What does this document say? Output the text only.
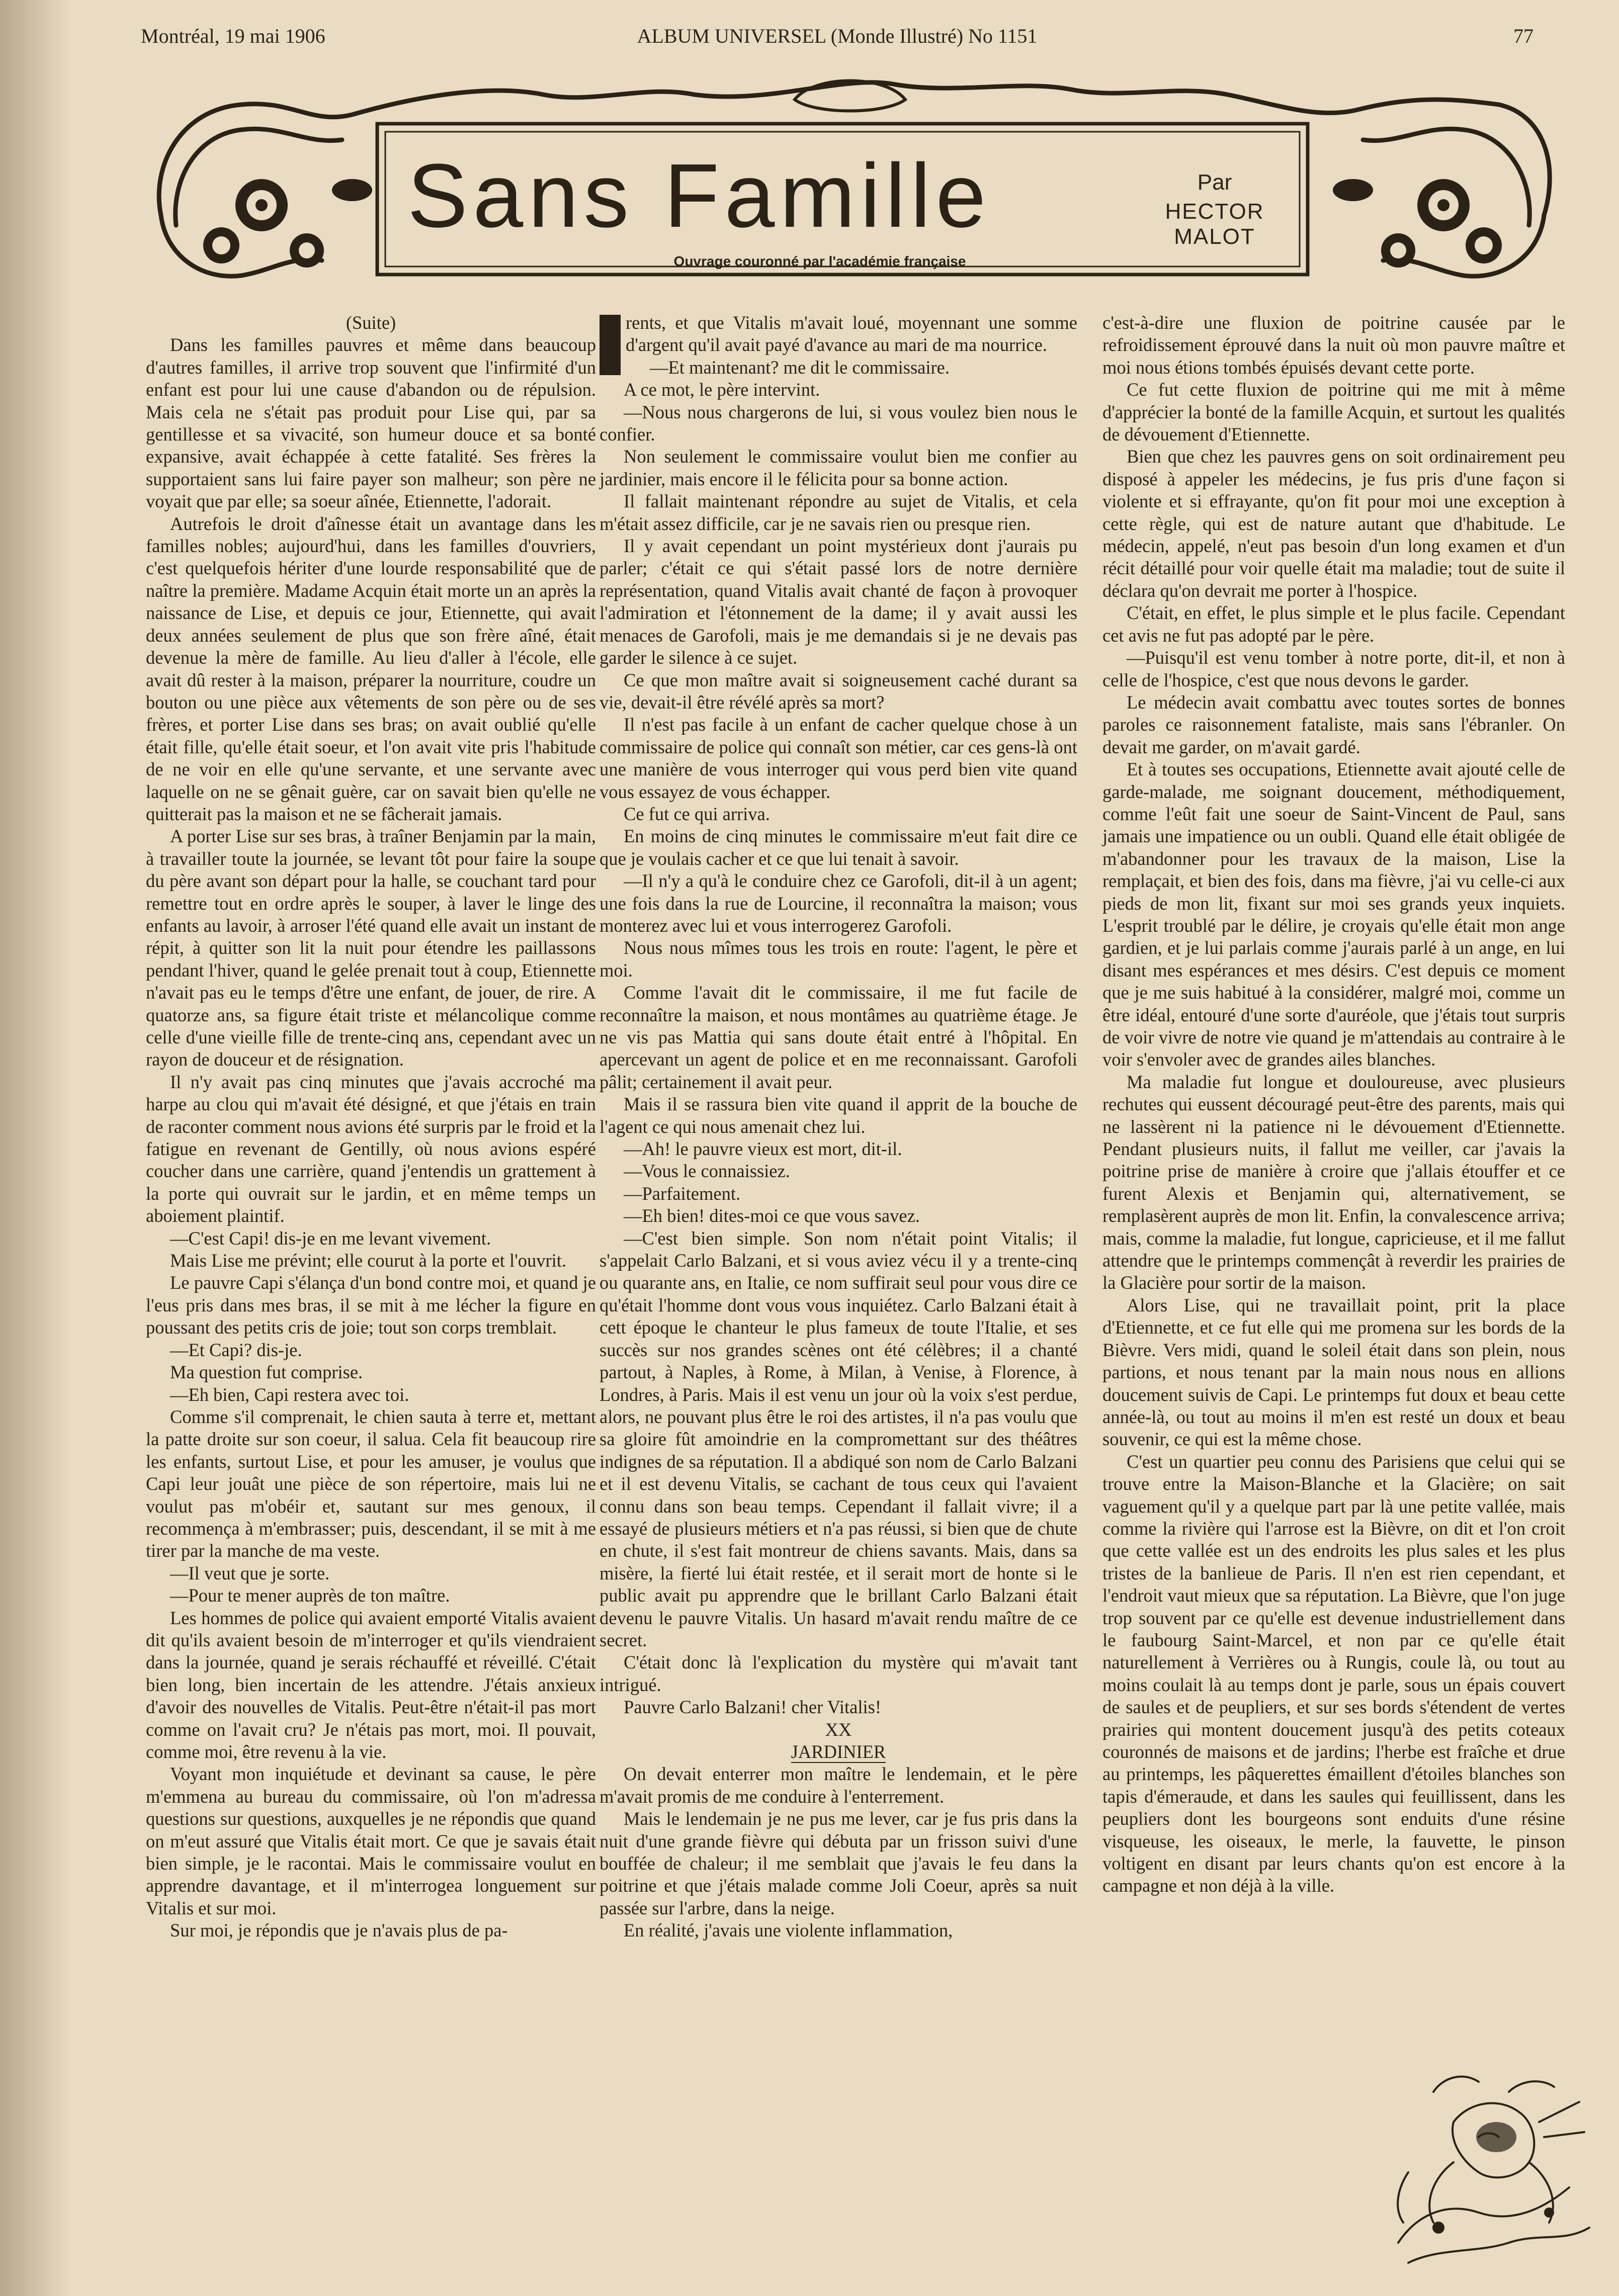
Montréal, 19 mai 1906	ALBUM UNIVERSEL (Monde Illustré) No 1151	77
Sans Famille	Par
HECTOR MALOT
Ouvrage couronné par l'académie française

(Suite)

Dans les familles pauvres et même dans beaucoup d'autres familles, il arrive trop souvent que l'infirmité d'un enfant est pour lui une cause d'abandon ou de répulsion. Mais cela ne s'était pas produit pour Lise qui, par sa gentillesse et sa vivacité, son humeur douce et sa bonté expansive, avait échappée à cette fatalité. Ses frères la supportaient sans lui faire payer son malheur; son père ne voyait que par elle; sa soeur aînée, Etiennette, l'adorait.

Autrefois le droit d'aînesse était un avantage dans les familles nobles; aujourd'hui, dans les familles d'ouvriers, c'est quelquefois hériter d'une lourde responsabilité que de naître la première. Madame Acquin était morte un an après la naissance de Lise, et depuis ce jour, Etiennette, qui avait deux années seulement de plus que son frère aîné, était devenue la mère de famille. Au lieu d'aller à l'école, elle avait dû rester à la maison, préparer la nourriture, coudre un bouton ou une pièce aux vêtements de son père ou de ses frères, et porter Lise dans ses bras; on avait oublié qu'elle était fille, qu'elle était soeur, et l'on avait vite pris l'habitude de ne voir en elle qu'une servante, et une servante avec laquelle on ne se gênait guère, car on savait bien qu'elle ne quitterait pas la maison et ne se fâcherait jamais.

A porter Lise sur ses bras, à traîner Benjamin par la main, à travailler toute la journée, se levant tôt pour faire la soupe du père avant son départ pour la halle, se couchant tard pour remettre tout en ordre après le souper, à laver le linge des enfants au lavoir, à arroser l'été quand elle avait un instant de répit, à quitter son lit la nuit pour étendre les paillassons pendant l'hiver, quand le gelée prenait tout à coup, Etiennette n'avait pas eu le temps d'être une enfant, de jouer, de rire. A quatorze ans, sa figure était triste et mélancolique comme celle d'une vieille fille de trente-cinq ans, cependant avec un rayon de douceur et de résignation.

Il n'y avait pas cinq minutes que j'avais accroché ma harpe au clou qui m'avait été désigné, et que j'étais en train de raconter comment nous avions été surpris par le froid et la fatigue en revenant de Gentilly, où nous avions espéré coucher dans une carrière, quand j'entendis un grattement à la porte qui ouvrait sur le jardin, et en même temps un aboiement plaintif.

—C'est Capi! dis-je en me levant vivement.

Mais Lise me prévint; elle courut à la porte et l'ouvrit.

Le pauvre Capi s'élança d'un bond contre moi, et quand je l'eus pris dans mes bras, il se mit à me lécher la figure en poussant des petits cris de joie; tout son corps tremblait.

—Et Capi? dis-je.

Ma question fut comprise.

—Eh bien, Capi restera avec toi.

Comme s'il comprenait, le chien sauta à terre et, mettant la patte droite sur son coeur, il salua. Cela fit beaucoup rire les enfants, surtout Lise, et pour les amuser, je voulus que Capi leur jouât une pièce de son répertoire, mais lui ne voulut pas m'obéir et, sautant sur mes genoux, il recommença à m'embrasser; puis, descendant, il se mit à me tirer par la manche de ma veste.

—Il veut que je sorte.

—Pour te mener auprès de ton maître.

Les hommes de police qui avaient emporté Vitalis avaient dit qu'ils avaient besoin de m'interroger et qu'ils viendraient dans la journée, quand je serais réchauffé et réveillé. C'était bien long, bien incertain de les attendre. J'étais anxieux d'avoir des nouvelles de Vitalis. Peut-être n'était-il pas mort comme on l'avait cru? Je n'étais pas mort, moi. Il pouvait, comme moi, être revenu à la vie.

Voyant mon inquiétude et devinant sa cause, le père m'emmena au bureau du commissaire, où l'on m'adressa questions sur questions, auxquelles je ne répondis que quand on m'eut assuré que Vitalis était mort. Ce que je savais était bien simple, je le racontai. Mais le commissaire voulut en apprendre davantage, et il m'interrogea longuement sur Vitalis et sur moi.

Sur moi, je répondis que je n'avais plus de pa-

rents, et que Vitalis m'avait loué, moyennant une somme d'argent qu'il avait payé d'avance au mari de ma nourrice.

—Et maintenant? me dit le commissaire.

A ce mot, le père intervint.

—Nous nous chargerons de lui, si vous voulez bien nous le confier.

Non seulement le commissaire voulut bien me confier au jardinier, mais encore il le félicita pour sa bonne action.

Il fallait maintenant répondre au sujet de Vitalis, et cela m'était assez difficile, car je ne savais rien ou presque rien.

Il y avait cependant un point mystérieux dont j'aurais pu parler; c'était ce qui s'était passé lors de notre dernière représentation, quand Vitalis avait chanté de façon à provoquer l'admiration et l'étonnement de la dame; il y avait aussi les menaces de Garofoli, mais je me demandais si je ne devais pas garder le silence à ce sujet.

Ce que mon maître avait si soigneusement caché durant sa vie, devait-il être révélé après sa mort?

Il n'est pas facile à un enfant de cacher quelque chose à un commissaire de police qui connaît son métier, car ces gens-là ont une manière de vous interroger qui vous perd bien vite quand vous essayez de vous échapper.

Ce fut ce qui arriva.

En moins de cinq minutes le commissaire m'eut fait dire ce que je voulais cacher et ce que lui tenait à savoir.

—Il n'y a qu'à le conduire chez ce Garofoli, dit-il à un agent; une fois dans la rue de Lourcine, il reconnaîtra la maison; vous monterez avec lui et vous interrogerez Garofoli.

Nous nous mîmes tous les trois en route: l'agent, le père et moi.

Comme l'avait dit le commissaire, il me fut facile de reconnaître la maison, et nous montâmes au quatrième étage. Je ne vis pas Mattia qui sans doute était entré à l'hôpital. En apercevant un agent de police et en me reconnaissant. Garofoli pâlit; certainement il avait peur.

Mais il se rassura bien vite quand il apprit de la bouche de l'agent ce qui nous amenait chez lui.

—Ah! le pauvre vieux est mort, dit-il.

—Vous le connaissiez.

—Parfaitement.

—Eh bien! dites-moi ce que vous savez.

—C'est bien simple. Son nom n'était point Vitalis; il s'appelait Carlo Balzani, et si vous aviez vécu il y a trente-cinq ou quarante ans, en Italie, ce nom suffirait seul pour vous dire ce qu'était l'homme dont vous vous inquiétez. Carlo Balzani était à cett époque le chanteur le plus fameux de toute l'Italie, et ses succès sur nos grandes scènes ont été célèbres; il a chanté partout, à Naples, à Rome, à Milan, à Venise, à Florence, à Londres, à Paris. Mais il est venu un jour où la voix s'est perdue, alors, ne pouvant plus être le roi des artistes, il n'a pas voulu que sa gloire fût amoindrie en la compromettant sur des théâtres indignes de sa réputation. Il a abdiqué son nom de Carlo Balzani et il est devenu Vitalis, se cachant de tous ceux qui l'avaient connu dans son beau temps. Cependant il fallait vivre; il a essayé de plusieurs métiers et n'a pas réussi, si bien que de chute en chute, il s'est fait montreur de chiens savants. Mais, dans sa misère, la fierté lui était restée, et il serait mort de honte si le public avait pu apprendre que le brillant Carlo Balzani était devenu le pauvre Vitalis. Un hasard m'avait rendu maître de ce secret.

C'était donc là l'explication du mystère qui m'avait tant intrigué.

Pauvre Carlo Balzani! cher Vitalis!

XX

JARDINIER

On devait enterrer mon maître le lendemain, et le père m'avait promis de me conduire à l'enterrement.

Mais le lendemain je ne pus me lever, car je fus pris dans la nuit d'une grande fièvre qui débuta par un frisson suivi d'une bouffée de chaleur; il me semblait que j'avais le feu dans la poitrine et que j'étais malade comme Joli Coeur, après sa nuit passée sur l'arbre, dans la neige.

En réalité, j'avais une violente inflammation,

c'est-à-dire une fluxion de poitrine causée par le refroidissement éprouvé dans la nuit où mon pauvre maître et moi nous étions tombés épuisés devant cette porte.

Ce fut cette fluxion de poitrine qui me mit à même d'apprécier la bonté de la famille Acquin, et surtout les qualités de dévouement d'Etiennette.

Bien que chez les pauvres gens on soit ordinairement peu disposé à appeler les médecins, je fus pris d'une façon si violente et si effrayante, qu'on fit pour moi une exception à cette règle, qui est de nature autant que d'habitude. Le médecin, appelé, n'eut pas besoin d'un long examen et d'un récit détaillé pour voir quelle était ma maladie; tout de suite il déclara qu'on devrait me porter à l'hospice.

C'était, en effet, le plus simple et le plus facile. Cependant cet avis ne fut pas adopté par le père.

—Puisqu'il est venu tomber à notre porte, dit-il, et non à celle de l'hospice, c'est que nous devons le garder.

Le médecin avait combattu avec toutes sortes de bonnes paroles ce raisonnement fataliste, mais sans l'ébranler. On devait me garder, on m'avait gardé.

Et à toutes ses occupations, Etiennette avait ajouté celle de garde-malade, me soignant doucement, méthodiquement, comme l'eût fait une soeur de Saint-Vincent de Paul, sans jamais une impatience ou un oubli. Quand elle était obligée de m'abandonner pour les travaux de la maison, Lise la remplaçait, et bien des fois, dans ma fièvre, j'ai vu celle-ci aux pieds de mon lit, fixant sur moi ses grands yeux inquiets. L'esprit troublé par le délire, je croyais qu'elle était mon ange gardien, et je lui parlais comme j'aurais parlé à un ange, en lui disant mes espérances et mes désirs. C'est depuis ce moment que je me suis habitué à la considérer, malgré moi, comme un être idéal, entouré d'une sorte d'auréole, que j'étais tout surpris de voir vivre de notre vie quand je m'attendais au contraire à le voir s'envoler avec de grandes ailes blanches.

Ma maladie fut longue et douloureuse, avec plusieurs rechutes qui eussent découragé peut-être des parents, mais qui ne lassèrent ni la patience ni le dévouement d'Etiennette. Pendant plusieurs nuits, il fallut me veiller, car j'avais la poitrine prise de manière à croire que j'allais étouffer et ce furent Alexis et Benjamin qui, alternativement, se remplasèrent auprès de mon lit. Enfin, la convalescence arriva; mais, comme la maladie, fut longue, capricieuse, et il me fallut attendre que le printemps commençât à reverdir les prairies de la Glacière pour sortir de la maison.

Alors Lise, qui ne travaillait point, prit la place d'Etiennette, et ce fut elle qui me promena sur les bords de la Bièvre. Vers midi, quand le soleil était dans son plein, nous partions, et nous tenant par la main nous nous en allions doucement suivis de Capi. Le printemps fut doux et beau cette année-là, ou tout au moins il m'en est resté un doux et beau souvenir, ce qui est la même chose.

C'est un quartier peu connu des Parisiens que celui qui se trouve entre la Maison-Blanche et la Glacière; on sait vaguement qu'il y a quelque part par là une petite vallée, mais comme la rivière qui l'arrose est la Bièvre, on dit et l'on croit que cette vallée est un des endroits les plus sales et les plus tristes de la banlieue de Paris. Il n'en est rien cependant, et l'endroit vaut mieux que sa réputation. La Bièvre, que l'on juge trop souvent par ce qu'elle est devenue industriellement dans le faubourg Saint-Marcel, et non par ce qu'elle était naturellement à Verrières ou à Rungis, coule là, ou tout au moins coulait là au temps dont je parle, sous un épais couvert de saules et de peupliers, et sur ses bords s'étendent de vertes prairies qui montent doucement jusqu'à des petits coteaux couronnés de maisons et de jardins; l'herbe est fraîche et drue au printemps, les pâquerettes émaillent d'étoiles blanches son tapis d'émeraude, et dans les saules qui feuillissent, dans les peupliers dont les bourgeons sont enduits d'une résine visqueuse, les oiseaux, le merle, la fauvette, le pinson voltigent en disant par leurs chants qu'on est encore à la campagne et non déjà à la ville.
